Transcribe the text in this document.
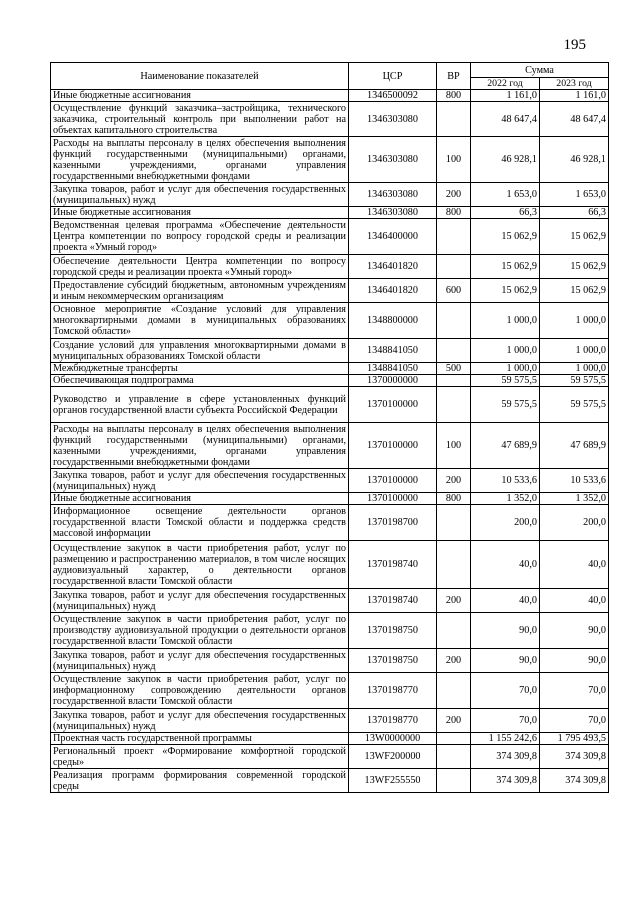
195
Наименование показателей	ЦСР	ВР	Сумма	
			2022 год	2023 год
Иные бюджетные ассигнования	1346500092	800	1 161,0	1 161,0
Осуществление функций заказчика–застройщика, технического заказчика, строительный контроль при выполнении работ на объектах капитального строительства	1346303080		48 647,4	48 647,4
Расходы на выплаты персоналу в целях обеспечения выполнения функций государственными (муниципальными) органами, казенными учреждениями, органами управления государственными внебюджетными фондами	1346303080	100	46 928,1	46 928,1
Закупка товаров, работ и услуг для обеспечения государственных (муниципальных) нужд	1346303080	200	1 653,0	1 653,0
Иные бюджетные ассигнования	1346303080	800	66,3	66,3
Ведомственная целевая программа «Обеспечение деятельности Центра компетенции по вопросу городской среды и реализации проекта «Умный город»	1346400000		15 062,9	15 062,9
Обеспечение деятельности Центра компетенции по вопросу городской среды и реализации проекта «Умный город»	1346401820		15 062,9	15 062,9
Предоставление субсидий бюджетным, автономным учреждениям и иным некоммерческим организациям	1346401820	600	15 062,9	15 062,9
Основное мероприятие «Создание условий для управления многоквартирными домами в муниципальных образованиях Томской области»	1348800000		1 000,0	1 000,0
Создание условий для управления многоквартирными домами в муниципальных образованиях Томской области	1348841050		1 000,0	1 000,0
Межбюджетные трансферты	1348841050	500	1 000,0	1 000,0
Обеспечивающая подпрограмма	1370000000		59 575,5	59 575,5
Руководство и управление в сфере установленных функций органов государственной власти субъекта Российской Федерации	1370100000		59 575,5	59 575,5
Расходы на выплаты персоналу в целях обеспечения выполнения функций государственными (муниципальными) органами, казенными учреждениями, органами управления государственными внебюджетными фондами	1370100000	100	47 689,9	47 689,9
Закупка товаров, работ и услуг для обеспечения государственных (муниципальных) нужд	1370100000	200	10 533,6	10 533,6
Иные бюджетные ассигнования	1370100000	800	1 352,0	1 352,0
Информационное освещение деятельности органов государственной власти Томской области и поддержка средств массовой информации	1370198700		200,0	200,0
Осуществление закупок в части приобретения работ, услуг по размещению и распространению материалов, в том числе носящих аудиовизуальный характер, о деятельности органов государственной власти Томской области	1370198740		40,0	40,0
Закупка товаров, работ и услуг для обеспечения государственных (муниципальных) нужд	1370198740	200	40,0	40,0
Осуществление закупок в части приобретения работ, услуг по производству аудиовизуальной продукции о деятельности органов государственной власти Томской области	1370198750		90,0	90,0
Закупка товаров, работ и услуг для обеспечения государственных (муниципальных) нужд	1370198750	200	90,0	90,0
Осуществление закупок в части приобретения работ, услуг по информационному сопровождению деятельности органов государственной власти Томской области	1370198770		70,0	70,0
Закупка товаров, работ и услуг для обеспечения государственных (муниципальных) нужд	1370198770	200	70,0	70,0
Проектная часть государственной программы	13W0000000		1 155 242,6	1 795 493,5
Региональный проект «Формирование комфортной городской среды»	13WF200000		374 309,8	374 309,8
Реализация программ формирования современной городской среды	13WF255550		374 309,8	374 309,8
